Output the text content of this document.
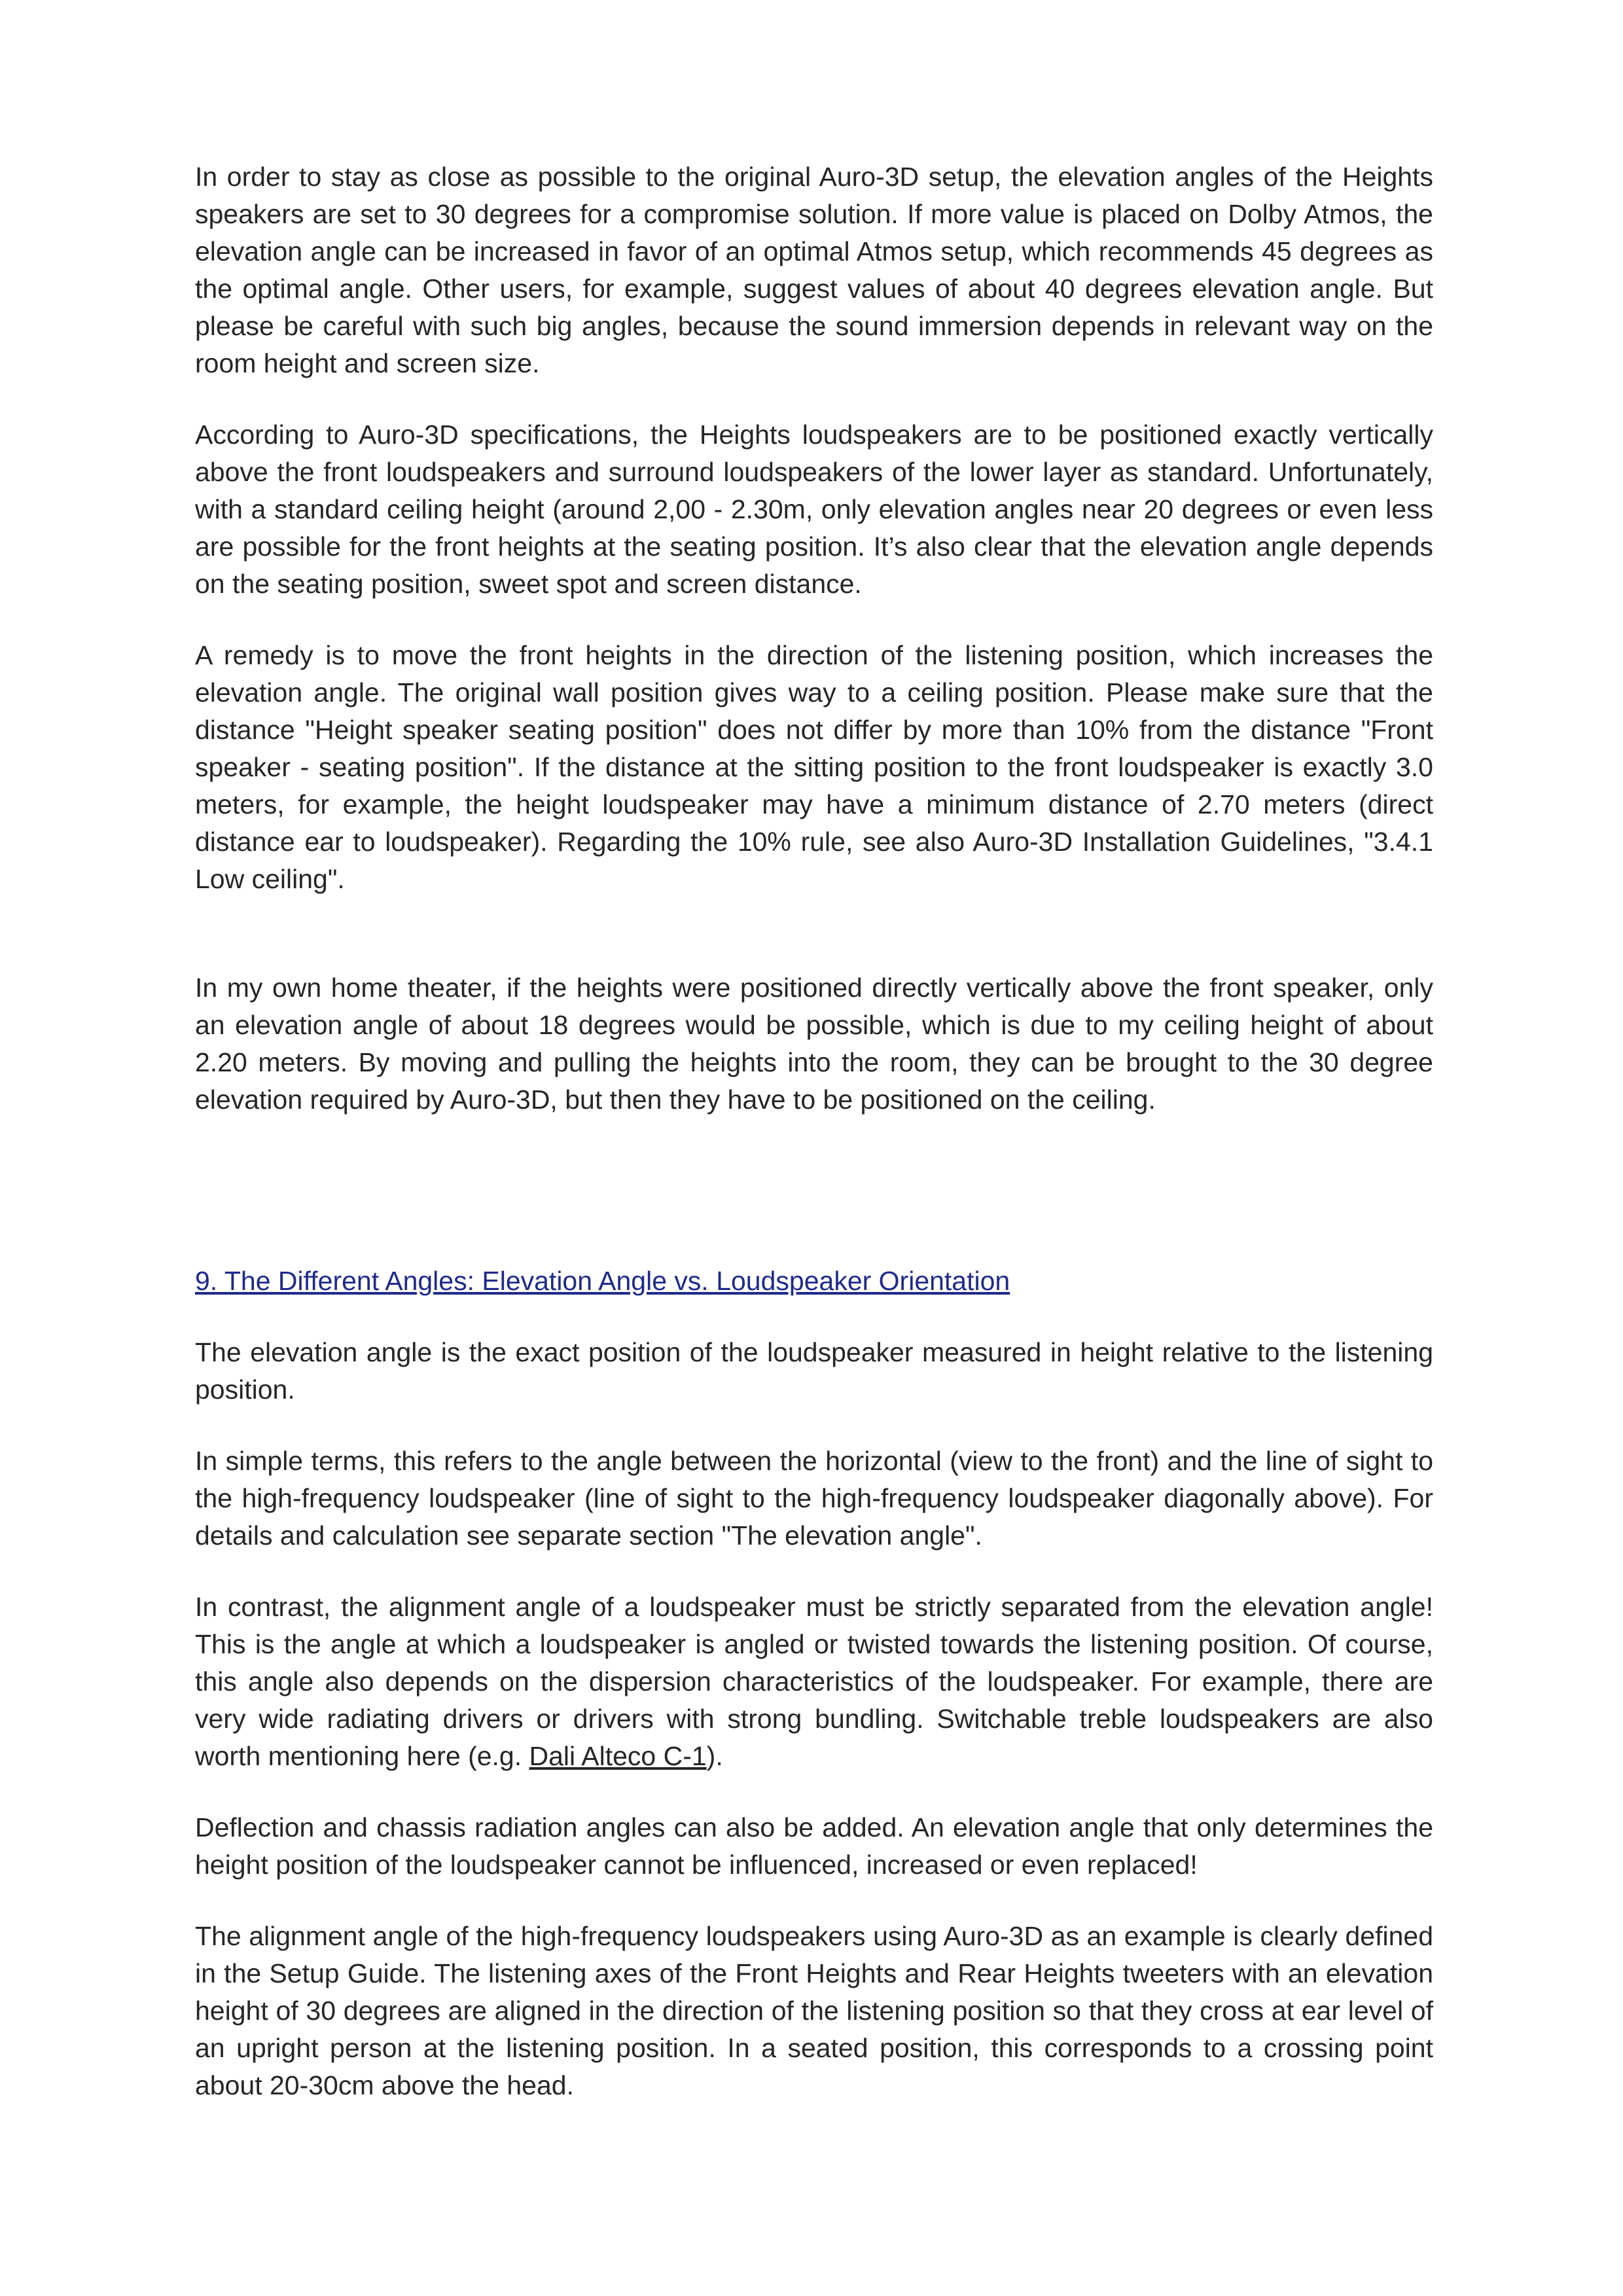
In order to stay as close as possible to the original Auro-3D setup, the elevation angles of the Heights speakers are set to 30 degrees for a compromise solution. If more value is placed on Dolby Atmos, the elevation angle can be increased in favor of an optimal Atmos setup, which recommends 45 degrees as the optimal angle. Other users, for example, suggest values of about 40 degrees elevation angle. But please be careful with such big angles, because the sound immersion depends in relevant way on the room height and screen size.

According to Auro-3D specifications, the Heights loudspeakers are to be positioned exactly vertically above the front loudspeakers and surround loudspeakers of the lower layer as standard. Unfortunately, with a standard ceiling height (around 2,00 - 2.30m, only elevation angles near 20 degrees or even less are possible for the front heights at the seating position. It’s also clear that the elevation angle depends on the seating position, sweet spot and screen distance.

A remedy is to move the front heights in the direction of the listening position, which increases the elevation angle. The original wall position gives way to a ceiling position. Please make sure that the distance "Height speaker seating position" does not differ by more than 10% from the distance "Front speaker - seating position". If the distance at the sitting position to the front loudspeaker is exactly 3.0 meters, for example, the height loudspeaker may have a minimum distance of 2.70 meters (direct distance ear to loudspeaker). Regarding the 10% rule, see also Auro-3D Installation Guidelines, "3.4.1 Low ceiling".

In my own home theater, if the heights were positioned directly vertically above the front speaker, only an elevation angle of about 18 degrees would be possible, which is due to my ceiling height of about 2.20 meters. By moving and pulling the heights into the room, they can be brought to the 30 degree elevation required by Auro-3D, but then they have to be positioned on the ceiling.

9. The Different Angles: Elevation Angle vs. Loudspeaker Orientation

The elevation angle is the exact position of the loudspeaker measured in height relative to the listening position.

In simple terms, this refers to the angle between the horizontal (view to the front) and the line of sight to the high-frequency loudspeaker (line of sight to the high-frequency loudspeaker diagonally above). For details and calculation see separate section "The elevation angle".

In contrast, the alignment angle of a loudspeaker must be strictly separated from the elevation angle! This is the angle at which a loudspeaker is angled or twisted towards the listening position. Of course, this angle also depends on the dispersion characteristics of the loudspeaker. For example, there are very wide radiating drivers or drivers with strong bundling. Switchable treble loudspeakers are also worth mentioning here (e.g. Dali Alteco C-1).

Deflection and chassis radiation angles can also be added. An elevation angle that only determines the height position of the loudspeaker cannot be influenced, increased or even replaced!

The alignment angle of the high-frequency loudspeakers using Auro-3D as an example is clearly defined in the Setup Guide. The listening axes of the Front Heights and Rear Heights tweeters with an elevation height of 30 degrees are aligned in the direction of the listening position so that they cross at ear level of an upright person at the listening position. In a seated position, this corresponds to a crossing point about 20-30cm above the head.
